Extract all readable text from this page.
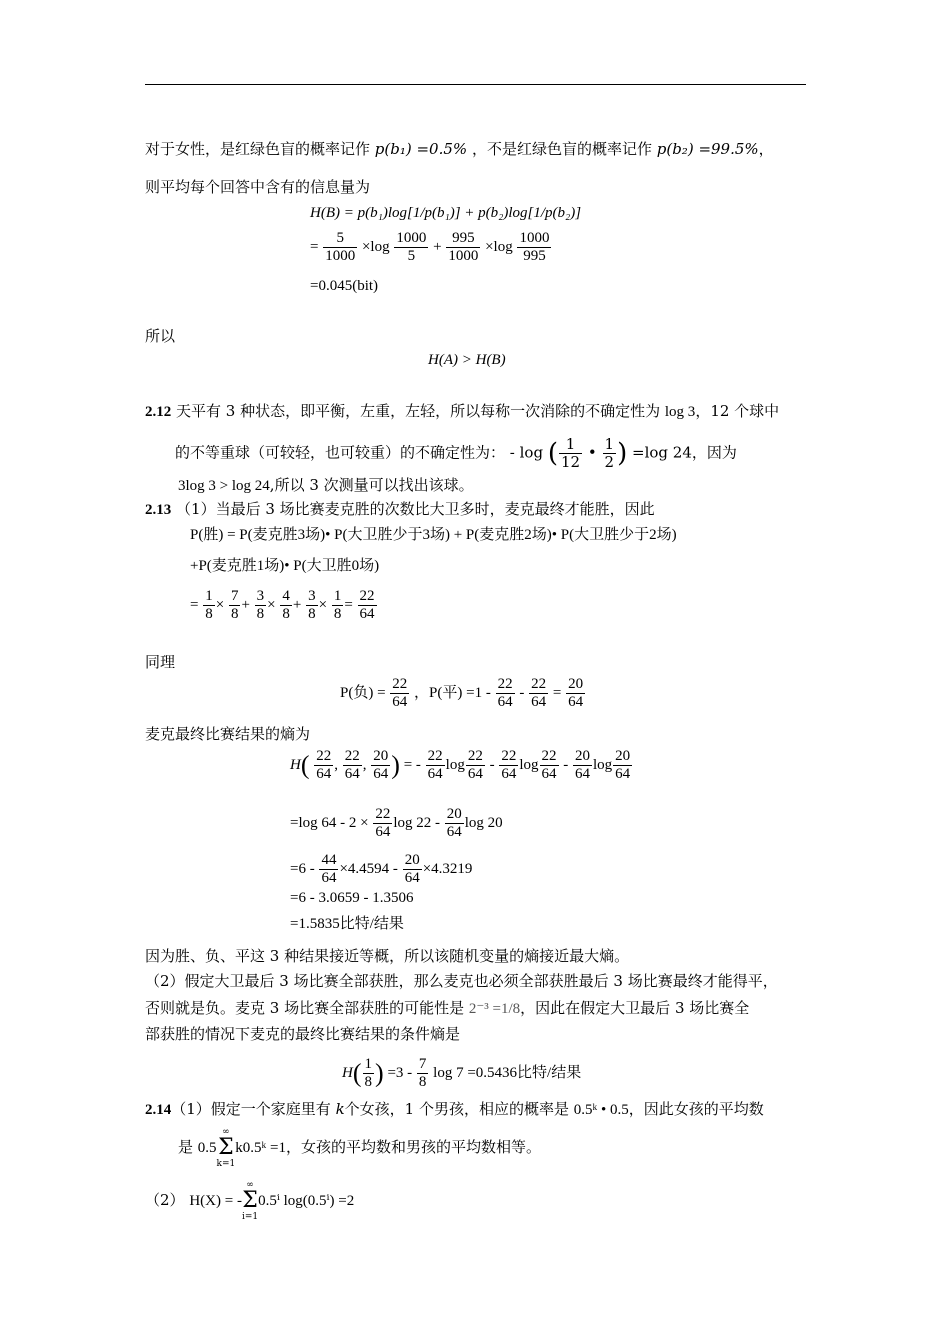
对于女性，是红绿色盲的概率记作 p(b₁) =0.5% ，不是红绿色盲的概率记作 p(b₂) =99.5%，
则平均每个回答中含有的信息量为
H(B) = p(b₁)log[1/p(b₁)] + p(b₂)log[1/p(b₂)]
= $\frac{5}{1000} \times\log \frac{1000}{5} + \frac{995}{1000} \times\log \frac{1000}{995}$
=0.045(bit)
所以
H(A) > H(B)
2.12 天平有 3 种状态，即平衡，左重，左轻，所以每称一次消除的不确定性为 log 3，12 个球中
的不等重球（可较轻，也可较重）的不确定性为： - log ( $\frac{1}{12}$ • $\frac{1}{2}$ ) =log 24，因为
3log 3 > log 24,所以 3 次测量可以找出该球。
2.13 （1）当最后 3 场比赛麦克胜的次数比大卫多时，麦克最终才能胜，因此
P(胜) = P(麦克胜3场)• P(大卫胜少于3场) + P(麦克胜2场)• P(大卫胜少于2场)
+P(麦克胜1场)• P(大卫胜0场)
= $\frac{1}{8} \times \frac{7}{8} + \frac{3}{8} \times \frac{4}{8} + \frac{3}{8} \times \frac{1}{8} = \frac{22}{64}$
同理
P(负) = $\frac{22}{64}$ ，P(平) $=1 - \frac{22}{64} - \frac{22}{64} = \frac{20}{64}$
麦克最终比赛结果的熵为
$H( \frac{22}{64}$ , $\frac{22}{64}$ , $\frac{20}{64}$ ) = - $\frac{22}{64}$ $\log \frac{22}{64} - \frac{22}{64}$ $\log \frac{22}{64} - \frac{20}{64}$ $\log \frac{20}{64}$
=log $64 - 2 \times \frac{22}{64}$ $\log 22 - \frac{20}{64}$ log 20
$=6 - \frac{44}{64} \times 4.4594 - \frac{20}{64} \times 4.3219$
=6 - 3.0659 - 1.3506
=1.5835比特/结果
因为胜、负、平这 3 种结果接近等概，所以该随机变量的熵接近最大熵。
（2）假定大卫最后 3 场比赛全部获胜，那么麦克也必须全部获胜最后 3 场比赛最终才能得平，
否则就是负。麦克 3 场比赛全部获胜的可能性是 2⁻³ =1/8，因此在假定大卫最后 3 场比赛全
部获胜的情况下麦克的最终比赛结果的条件熵是
$H( \frac{1}{8}$ ) $=3 - \frac{7}{8}$ log 7 =0.5436比特/结果
2.14（1）假定一个家庭里有 k个女孩，1 个男孩，相应的概率是 0.5ᵏ • 0.5，因此女孩的平均数
是 0.5∞
Σ
k=1k0.5ᵏ =1，女孩的平均数和男孩的平均数相等。
（2） H(X) = -∞
Σ
i=10.5ⁱ log(0.5ⁱ) =2
